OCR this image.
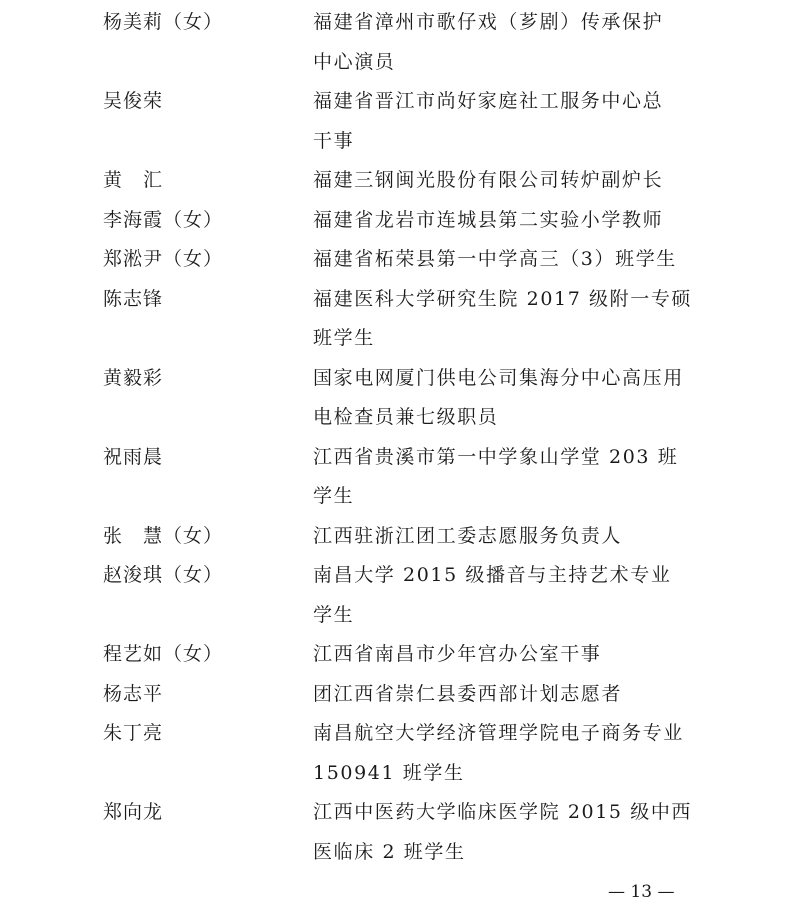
杨美莉（女）	福建省漳州市歌仔戏（芗剧）传承保护
中心演员
吴俊荣	福建省晋江市尚好家庭社工服务中心总
干事
黄　汇	福建三钢闽光股份有限公司转炉副炉长
李海霞（女）	福建省龙岩市连城县第二实验小学教师
郑淞尹（女）	福建省柘荣县第一中学高三（3）班学生
陈志锋	福建医科大学研究生院 2017 级附一专硕
班学生
黄毅彩	国家电网厦门供电公司集海分中心高压用
电检查员兼七级职员
祝雨晨	江西省贵溪市第一中学象山学堂 203 班
学生
张　慧（女）	江西驻浙江团工委志愿服务负责人
赵浚琪（女）	南昌大学 2015 级播音与主持艺术专业
学生
程艺如（女）	江西省南昌市少年宫办公室干事
杨志平	团江西省崇仁县委西部计划志愿者
朱丁亮	南昌航空大学经济管理学院电子商务专业
150941 班学生
郑向龙	江西中医药大学临床医学院 2015 级中西
医临床 2 班学生
— 13 —
